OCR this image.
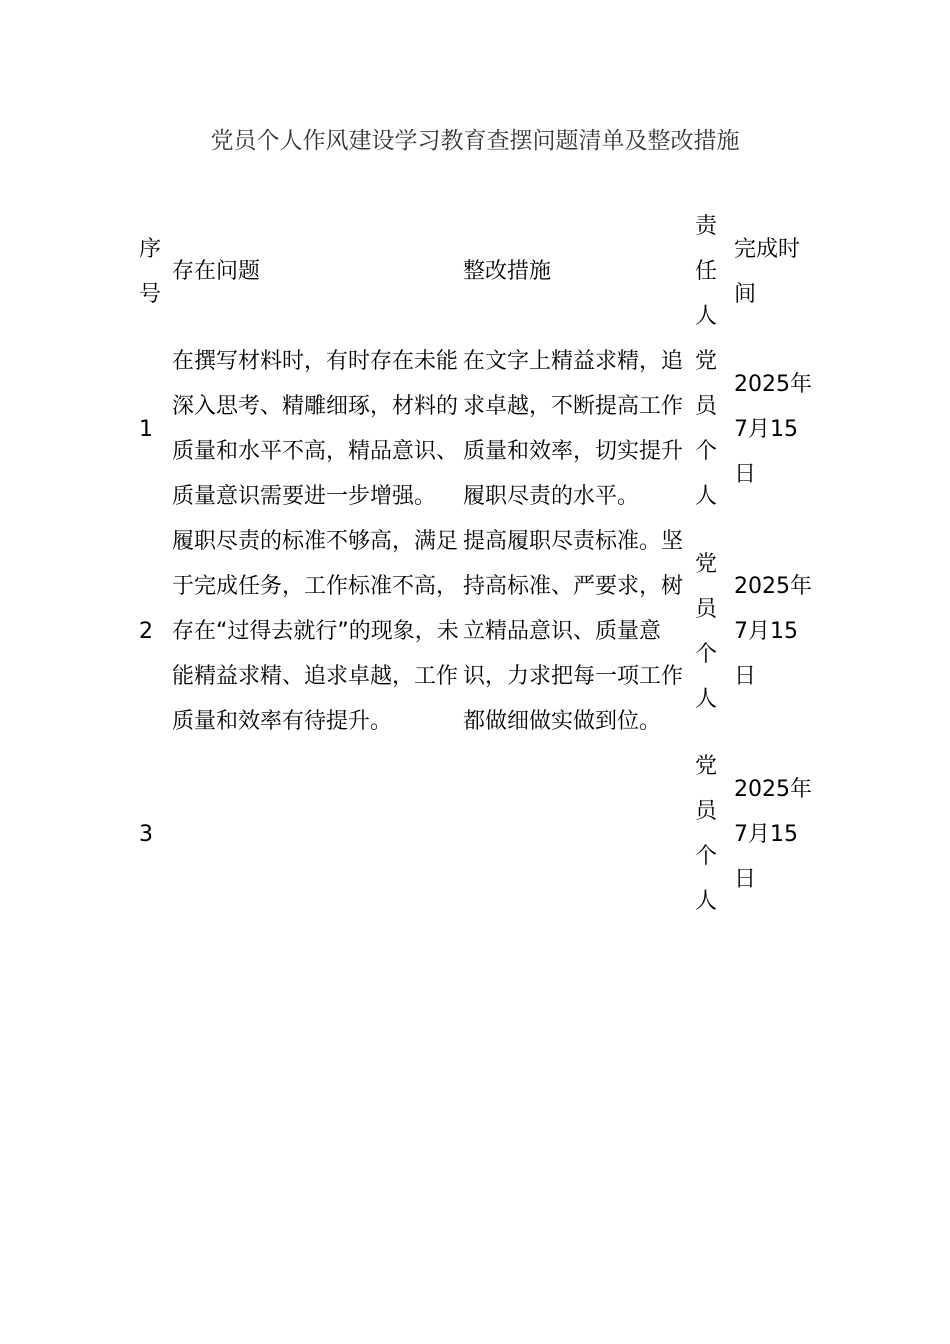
党员个人作风建设学习教育查摆问题清单及整改措施
序号	存在问题	整改措施	责任人	完成时间
1	在撰写材料时，有时存在未能深入思考、精雕细琢，材料的质量和水平不高，精品意识、质量意识需要进一步增强。	在文字上精益求精，追求卓越，不断提高工作质量和效率，切实提升履职尽责的水平。	党员个人	2025年7月15日
2	履职尽责的标准不够高，满足于完成任务，工作标准不高，存在“过得去就行”的现象，未能精益求精、追求卓越，工作质量和效率有待提升。	提高履职尽责标准。坚持高标准、严要求，树立精品意识、质量意识，力求把每一项工作都做细做实做到位。	党员个人	2025年7月15日
3			党员个人	2025年7月15日
